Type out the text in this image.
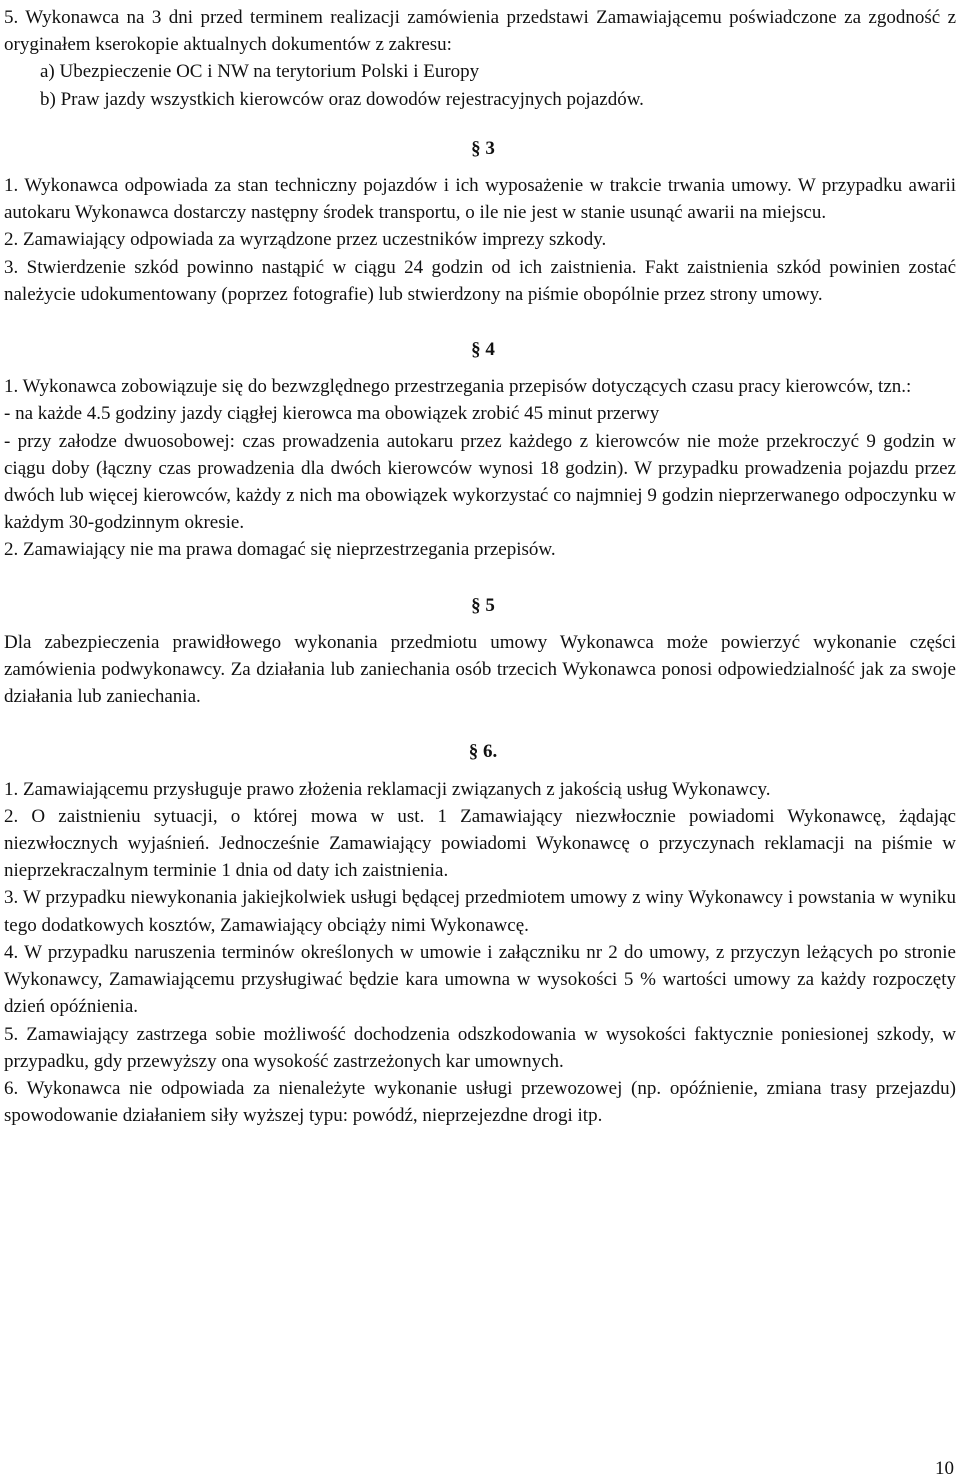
5. Wykonawca na 3 dni przed terminem realizacji zamówienia przedstawi Zamawiającemu poświadczone za zgodność z oryginałem kserokopie aktualnych dokumentów z zakresu:

a) Ubezpieczenie OC i NW na terytorium Polski i Europy

b) Praw jazdy wszystkich kierowców oraz dowodów rejestracyjnych pojazdów.

§ 3

1. Wykonawca odpowiada za stan techniczny pojazdów i ich wyposażenie w trakcie trwania umowy. W przypadku awarii autokaru Wykonawca dostarczy następny środek transportu, o ile nie jest w stanie usunąć awarii na miejscu.

2. Zamawiający odpowiada za wyrządzone przez uczestników imprezy szkody.

3. Stwierdzenie szkód powinno nastąpić w ciągu 24 godzin od ich zaistnienia. Fakt zaistnienia szkód powinien zostać należycie udokumentowany (poprzez fotografie) lub stwierdzony na piśmie obopólnie przez strony umowy.

§ 4

1. Wykonawca zobowiązuje się do bezwzględnego przestrzegania przepisów dotyczących czasu pracy kierowców, tzn.:

- na każde 4.5 godziny jazdy ciągłej kierowca ma obowiązek zrobić 45 minut przerwy

- przy załodze dwuosobowej: czas prowadzenia autokaru przez każdego z kierowców nie może przekroczyć 9 godzin w ciągu doby (łączny czas prowadzenia dla dwóch kierowców wynosi 18 godzin). W przypadku prowadzenia pojazdu przez dwóch lub więcej kierowców, każdy z nich ma obowiązek wykorzystać co najmniej 9 godzin nieprzerwanego odpoczynku w każdym 30-godzinnym okresie.

2. Zamawiający nie ma prawa domagać się nieprzestrzegania przepisów.

§ 5

Dla zabezpieczenia prawidłowego wykonania przedmiotu umowy Wykonawca może powierzyć wykonanie części zamówienia podwykonawcy. Za działania lub zaniechania osób trzecich Wykonawca ponosi odpowiedzialność jak za swoje działania lub zaniechania.

§ 6.

1. Zamawiającemu przysługuje prawo złożenia reklamacji związanych z jakością usług Wykonawcy.

2. O zaistnieniu sytuacji, o której mowa w ust. 1 Zamawiający niezwłocznie powiadomi Wykonawcę, żądając niezwłocznych wyjaśnień. Jednocześnie Zamawiający powiadomi Wykonawcę o przyczynach reklamacji na piśmie w nieprzekraczalnym terminie 1 dnia od daty ich zaistnienia.

3. W przypadku niewykonania jakiejkolwiek usługi będącej przedmiotem umowy z winy Wykonawcy i powstania w wyniku tego dodatkowych kosztów, Zamawiający obciąży nimi Wykonawcę.

4. W przypadku naruszenia terminów określonych w umowie i załączniku nr 2 do umowy, z przyczyn leżących po stronie Wykonawcy, Zamawiającemu przysługiwać będzie kara umowna w wysokości 5 % wartości umowy za każdy rozpoczęty dzień opóźnienia.

5. Zamawiający zastrzega sobie możliwość dochodzenia odszkodowania w wysokości faktycznie poniesionej szkody, w przypadku, gdy przewyższy ona wysokość zastrzeżonych kar umownych.

6. Wykonawca nie odpowiada za nienależyte wykonanie usługi przewozowej (np. opóźnienie, zmiana trasy przejazdu) spowodowanie działaniem siły wyższej typu: powódź, nieprzejezdne drogi itp.

10
